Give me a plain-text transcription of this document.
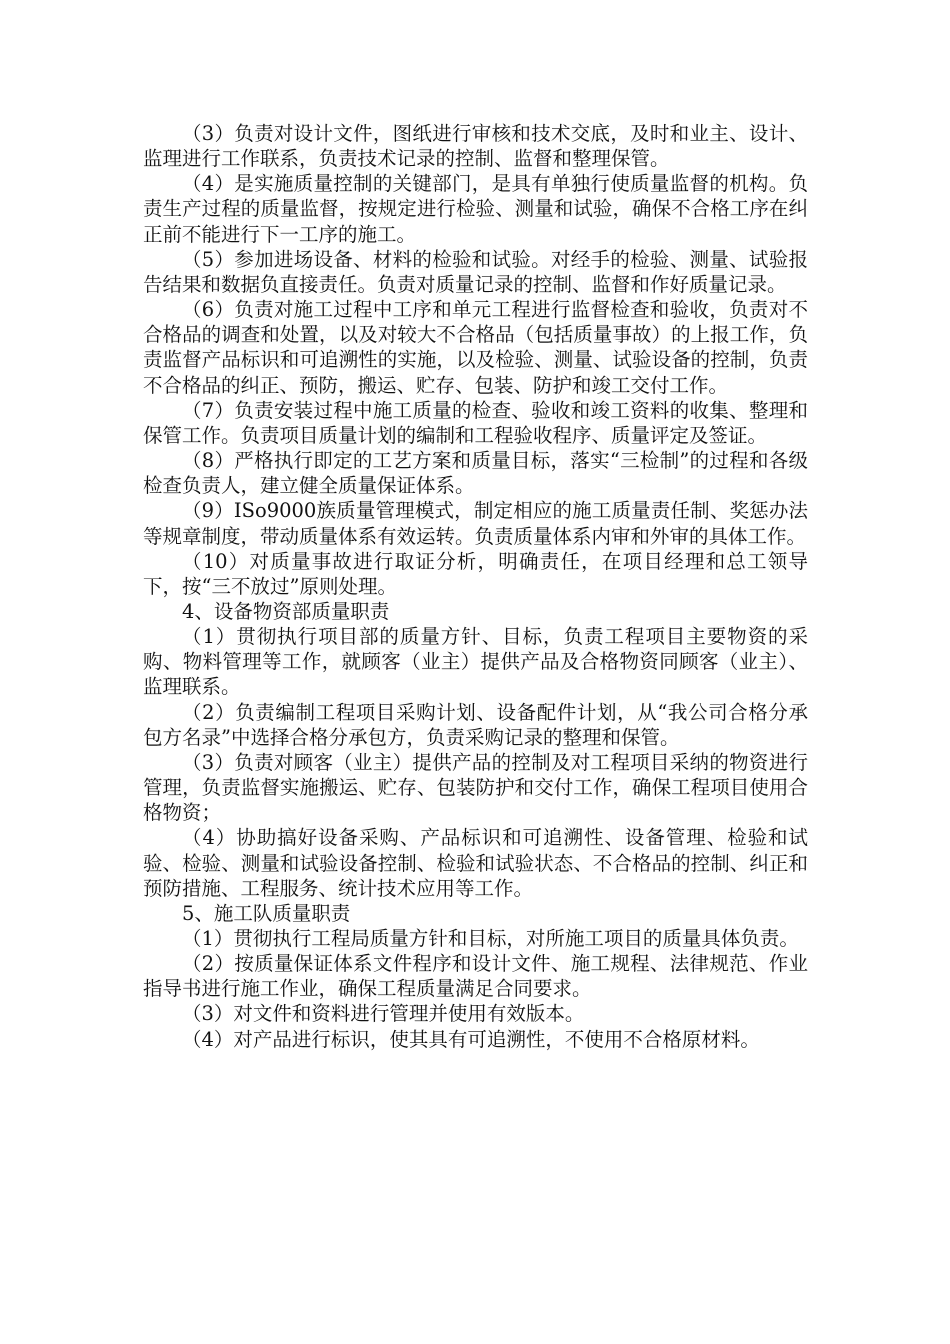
（3）负责对设计文件，图纸进行审核和技术交底，及时和业主、设计、监理进行工作联系，负责技术记录的控制、监督和整理保管。

（4）是实施质量控制的关键部门，是具有单独行使质量监督的机构。负责生产过程的质量监督，按规定进行检验、测量和试验，确保不合格工序在纠正前不能进行下一工序的施工。

（5）参加进场设备、材料的检验和试验。对经手的检验、测量、试验报告结果和数据负直接责任。负责对质量记录的控制、监督和作好质量记录。

（6）负责对施工过程中工序和单元工程进行监督检查和验收，负责对不合格品的调查和处置，以及对较大不合格品（包括质量事故）的上报工作，负责监督产品标识和可追溯性的实施，以及检验、测量、试验设备的控制，负责不合格品的纠正、预防，搬运、贮存、包装、防护和竣工交付工作。

（7）负责安装过程中施工质量的检查、验收和竣工资料的收集、整理和保管工作。负责项目质量计划的编制和工程验收程序、质量评定及签证。

（8）严格执行即定的工艺方案和质量目标，落实“三检制”的过程和各级检查负责人，建立健全质量保证体系。

（9）ISo9000族质量管理模式，制定相应的施工质量责任制、奖惩办法等规章制度，带动质量体系有效运转。负责质量体系内审和外审的具体工作。

（10）对质量事故进行取证分析，明确责任，在项目经理和总工领导下，按“三不放过”原则处理。

4、设备物资部质量职责

（1）贯彻执行项目部的质量方针、目标，负责工程项目主要物资的采购、物料管理等工作，就顾客（业主）提供产品及合格物资同顾客（业主）、监理联系。

（2）负责编制工程项目采购计划、设备配件计划，从“我公司合格分承包方名录”中选择合格分承包方，负责采购记录的整理和保管。

（3）负责对顾客（业主）提供产品的控制及对工程项目采纳的物资进行管理，负责监督实施搬运、贮存、包装防护和交付工作，确保工程项目使用合格物资；

（4）协助搞好设备采购、产品标识和可追溯性、设备管理、检验和试验、检验、测量和试验设备控制、检验和试验状态、不合格品的控制、纠正和预防措施、工程服务、统计技术应用等工作。

5、施工队质量职责

（1）贯彻执行工程局质量方针和目标，对所施工项目的质量具体负责。

（2）按质量保证体系文件程序和设计文件、施工规程、法律规范、作业指导书进行施工作业，确保工程质量满足合同要求。

（3）对文件和资料进行管理并使用有效版本。

（4）对产品进行标识，使其具有可追溯性，不使用不合格原材料。
